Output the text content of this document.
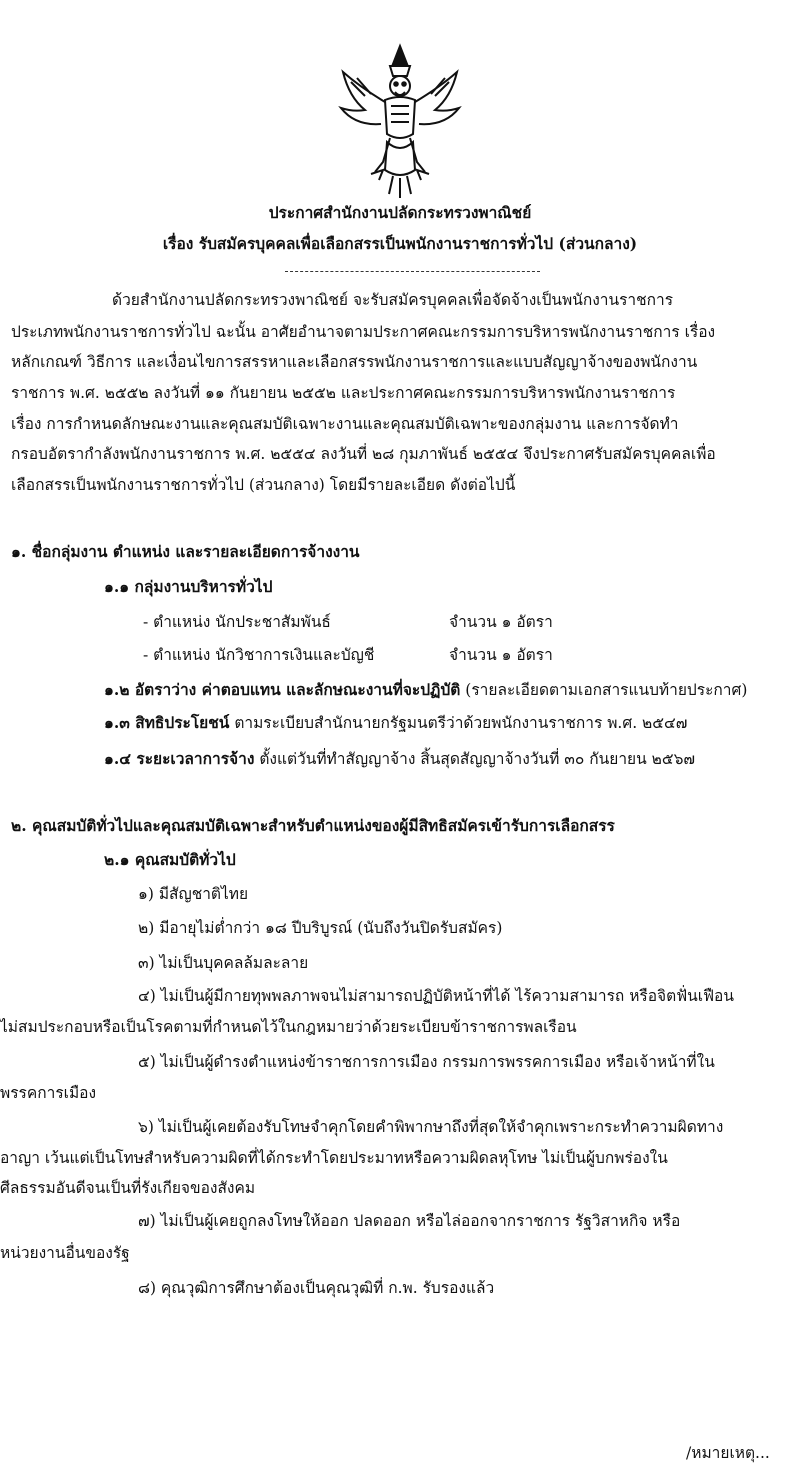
ประกาศสำนักงานปลัดกระทรวงพาณิชย์
เรื่อง รับสมัครบุคคลเพื่อเลือกสรรเป็นพนักงานราชการทั่วไป (ส่วนกลาง)
ด้วยสำนักงานปลัดกระทรวงพาณิชย์ จะรับสมัครบุคคลเพื่อจัดจ้างเป็นพนักงานราชการ
ประเภทพนักงานราชการทั่วไป ฉะนั้น อาศัยอำนาจตามประกาศคณะกรรมการบริหารพนักงานราชการ เรื่อง
หลักเกณฑ์ วิธีการ และเงื่อนไขการสรรหาและเลือกสรรพนักงานราชการและแบบสัญญาจ้างของพนักงาน
ราชการ พ.ศ. ๒๕๕๒ ลงวันที่ ๑๑ กันยายน ๒๕๕๒ และประกาศคณะกรรมการบริหารพนักงานราชการ
เรื่อง การกำหนดลักษณะงานและคุณสมบัติเฉพาะงานและคุณสมบัติเฉพาะของกลุ่มงาน และการจัดทำ
กรอบอัตรากำลังพนักงานราชการ พ.ศ. ๒๕๕๔ ลงวันที่ ๒๘ กุมภาพันธ์ ๒๕๕๔ จึงประกาศรับสมัครบุคคลเพื่อ
เลือกสรรเป็นพนักงานราชการทั่วไป (ส่วนกลาง) โดยมีรายละเอียด ดังต่อไปนี้
๑. ชื่อกลุ่มงาน ตำแหน่ง และรายละเอียดการจ้างงาน
๑.๑ กลุ่มงานบริหารทั่วไป
- ตำแหน่ง นักประชาสัมพันธ์	จำนวน ๑ อัตรา
- ตำแหน่ง นักวิชาการเงินและบัญชี	จำนวน ๑ อัตรา
๑.๒ อัตราว่าง ค่าตอบแทน และลักษณะงานที่จะปฏิบัติ (รายละเอียดตามเอกสารแนบท้ายประกาศ)
๑.๓ สิทธิประโยชน์ ตามระเบียบสำนักนายกรัฐมนตรีว่าด้วยพนักงานราชการ พ.ศ. ๒๕๔๗
๑.๔ ระยะเวลาการจ้าง ตั้งแต่วันที่ทำสัญญาจ้าง สิ้นสุดสัญญาจ้างวันที่ ๓๐ กันยายน ๒๕๖๗
๒. คุณสมบัติทั่วไปและคุณสมบัติเฉพาะสำหรับตำแหน่งของผู้มีสิทธิสมัครเข้ารับการเลือกสรร
๒.๑ คุณสมบัติทั่วไป
๑) มีสัญชาติไทย
๒) มีอายุไม่ต่ำกว่า ๑๘ ปีบริบูรณ์ (นับถึงวันปิดรับสมัคร)
๓) ไม่เป็นบุคคลล้มละลาย
๔) ไม่เป็นผู้มีกายทุพพลภาพจนไม่สามารถปฏิบัติหน้าที่ได้ ไร้ความสามารถ หรือจิตฟั่นเฟือน
ไม่สมประกอบหรือเป็นโรคตามที่กำหนดไว้ในกฎหมายว่าด้วยระเบียบข้าราชการพลเรือน
๕) ไม่เป็นผู้ดำรงตำแหน่งข้าราชการการเมือง กรรมการพรรคการเมือง หรือเจ้าหน้าที่ใน
พรรคการเมือง
๖) ไม่เป็นผู้เคยต้องรับโทษจำคุกโดยคำพิพากษาถึงที่สุดให้จำคุกเพราะกระทำความผิดทาง
อาญา เว้นแต่เป็นโทษสำหรับความผิดที่ได้กระทำโดยประมาทหรือความผิดลหุโทษ ไม่เป็นผู้บกพร่องใน
ศีลธรรมอันดีจนเป็นที่รังเกียจของสังคม
๗) ไม่เป็นผู้เคยถูกลงโทษให้ออก ปลดออก หรือไล่ออกจากราชการ รัฐวิสาหกิจ หรือ
หน่วยงานอื่นของรัฐ
๘) คุณวุฒิการศึกษาต้องเป็นคุณวุฒิที่ ก.พ. รับรองแล้ว
/หมายเหตุ...
